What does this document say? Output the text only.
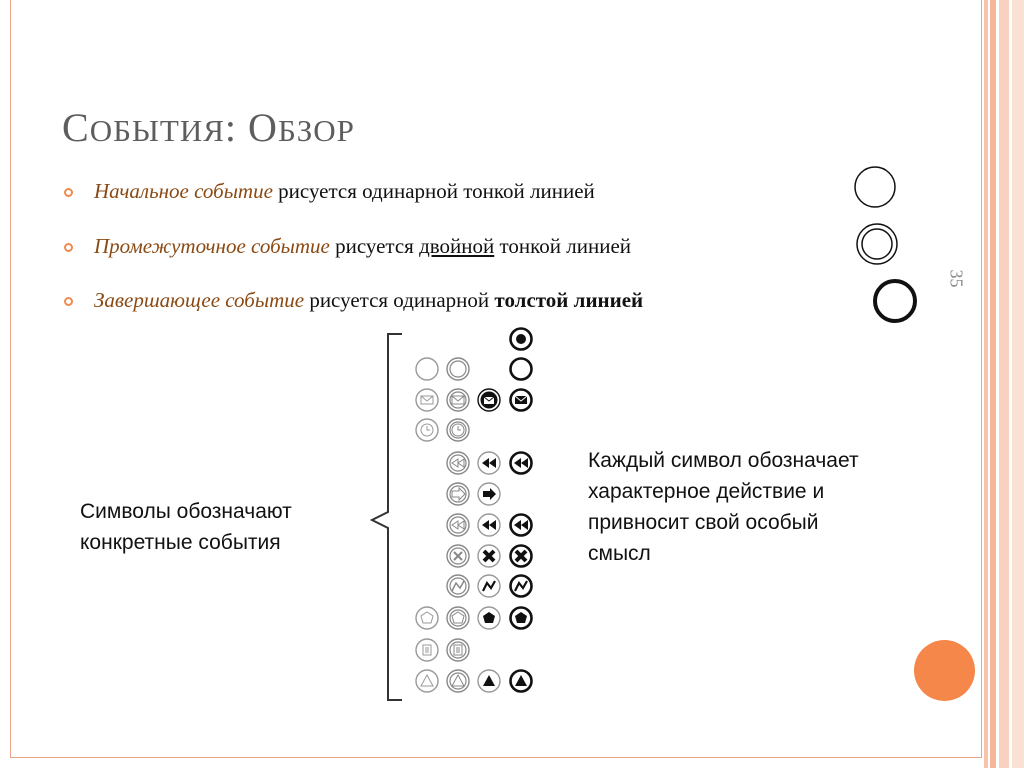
СОБЫТИЯ: ОБЗОР
Начальное событие рисуется одинарной тонкой линией
Промежуточное событие рисуется двойной тонкой линией
Завершающее событие рисуется одинарной толстой линией
35
Символы обозначают
конкретные события
Каждый символ обозначает
характерное действие и
привносит свой особый
смысл
